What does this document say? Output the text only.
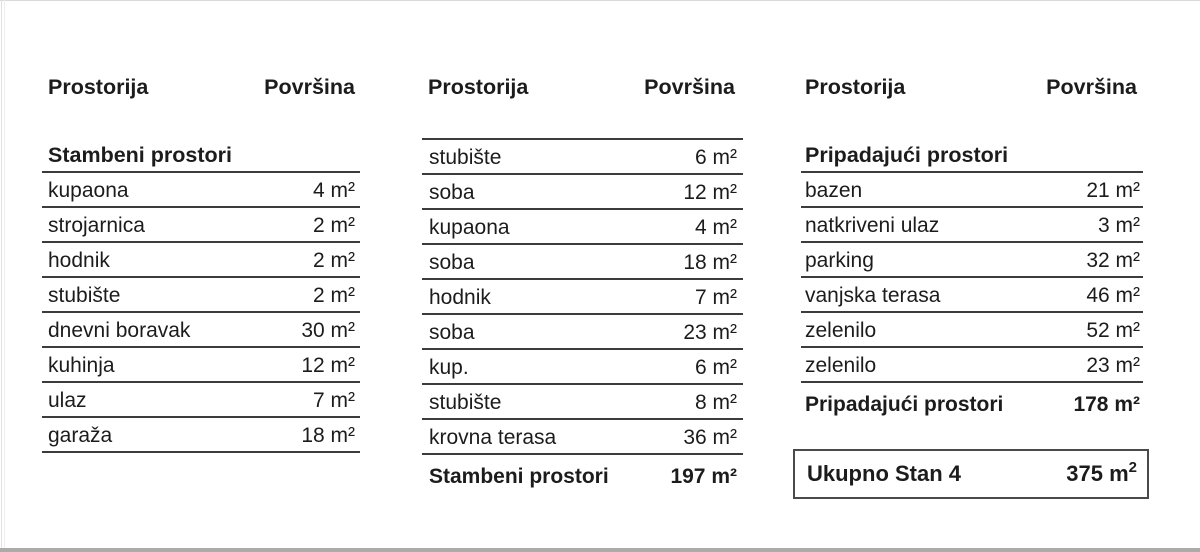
Prostorija	Površina
Stambeni prostori
kupaona	4 m²
strojarnica	2 m²
hodnik	2 m²
stubište	2 m²
dnevni boravak	30 m²
kuhinja	12 m²
ulaz	7 m²
garaža	18 m²
Prostorija	Površina
stubište	6 m²
soba	12 m²
kupaona	4 m²
soba	18 m²
hodnik	7 m²
soba	23 m²
kup.	6 m²
stubište	8 m²
krovna terasa	36 m²
Stambeni prostori	197 m²
Prostorija	Površina
Pripadajući prostori
bazen	21 m²
natkriveni ulaz	3 m²
parking	32 m²
vanjska terasa	46 m²
zelenilo	52 m²
zelenilo	23 m²
Pripadajući prostori	178 m²
Ukupno Stan 4	375 $m^2$
